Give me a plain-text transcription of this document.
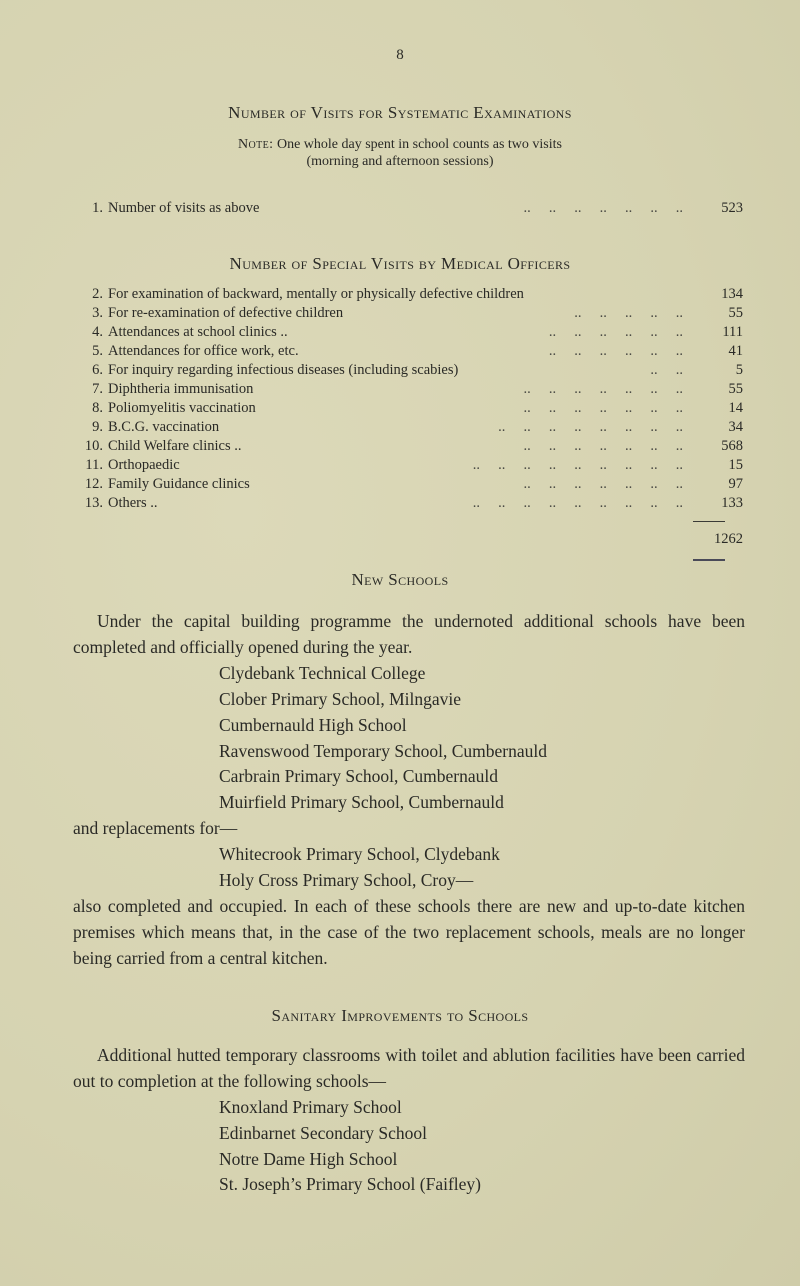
8
Number of Visits for Systematic Examinations
Note: One whole day spent in school counts as two visits
(morning and afternoon sessions)
1. Number of visits as above	..     ..     ..     ..     ..     ..     ..	523
Number of Special Visits by Medical Officers
2. For examination of backward, mentally or physically defective children	134
3. For re-examination of defective children	..     ..     ..     ..     ..	55
4. Attendances at school clinics ..	..     ..     ..     ..     ..     ..	111
5. Attendances for office work, etc.	..     ..     ..     ..     ..     ..	41
6. For inquiry regarding infectious diseases (including scabies)	..     ..	5
7. Diphtheria immunisation	..     ..     ..     ..     ..     ..     ..	55
8. Poliomyelitis vaccination	..     ..     ..     ..     ..     ..     ..	14
9. B.C.G. vaccination	..     ..     ..     ..     ..     ..     ..     ..	34
10. Child Welfare clinics ..	..     ..     ..     ..     ..     ..     ..	568
11. Orthopaedic	..     ..     ..     ..     ..     ..     ..     ..     ..	15
12. Family Guidance clinics	..     ..     ..     ..     ..     ..     ..	97
13. Others ..	..     ..     ..     ..     ..     ..     ..     ..     ..	133
1262
New Schools
Under the capital building programme the undernoted additional schools have been completed and officially opened during the year.
Clydebank Technical College
Clober Primary School, Milngavie
Cumbernauld High School
Ravenswood Temporary School, Cumbernauld
Carbrain Primary School, Cumbernauld
Muirfield Primary School, Cumbernauld
and replacements for—
Whitecrook Primary School, Clydebank
Holy Cross Primary School, Croy—
also completed and occupied. In each of these schools there are new and up-to-date kitchen premises which means that, in the case of the two replacement schools, meals are no longer being carried from a central kitchen.
Sanitary Improvements to Schools
Additional hutted temporary classrooms with toilet and ablution facilities have been carried out to completion at the following schools—
Knoxland Primary School
Edinbarnet Secondary School
Notre Dame High School
St. Joseph’s Primary School (Faifley)
